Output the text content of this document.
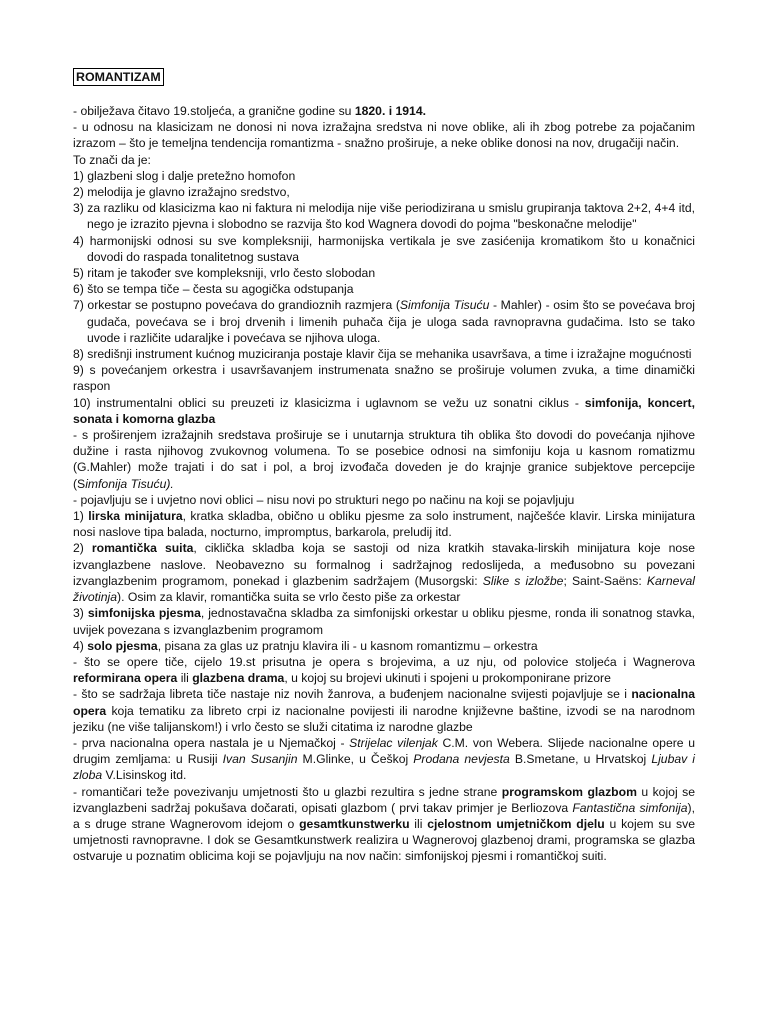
ROMANTIZAM
- obilježava čitavo 19.stoljeća, a granične godine su 1820. i 1914.
- u odnosu na klasicizam ne donosi ni nova izražajna sredstva ni nove oblike, ali ih zbog potrebe za pojačanim izrazom – što je temeljna tendencija romantizma - snažno proširuje, a neke oblike donosi na nov, drugačiji način.
To znači da je:
1) glazbeni slog i dalje pretežno homofon
2) melodija je glavno izražajno sredstvo,
3) za razliku od klasicizma kao ni faktura ni melodija nije više periodizirana u smislu grupiranja taktova 2+2, 4+4 itd, nego je izrazito pjevna i slobodno se razvija što kod Wagnera dovodi do pojma "beskonačne melodije"
4) harmonijski odnosi su sve kompleksniji, harmonijska vertikala je sve zasićenija kromatikom što u konačnici dovodi do raspada tonalitetnog sustava
5) ritam je također sve kompleksniji, vrlo često slobodan
6) što se tempa tiče – česta su agogička odstupanja
7) orkestar se postupno povećava do grandioznih razmjera (Simfonija Tisuću - Mahler) - osim što se povećava broj gudača, povećava se i broj drvenih i limenih puhača čija je uloga sada ravnopravna gudačima. Isto se tako uvode i različite udaraljke i povećava se njihova uloga.
8) središnji instrument kućnog muziciranja postaje klavir čija se mehanika usavršava, a time i izražajne mogućnosti
9) s povećanjem orkestra i usavršavanjem instrumenata snažno se proširuje volumen zvuka, a time dinamički raspon
10) instrumentalni oblici su preuzeti iz klasicizma i uglavnom se vežu uz sonatni ciklus - simfonija, koncert, sonata i komorna glazba
- s proširenjem izražajnih sredstava proširuje se i unutarnja struktura tih oblika što dovodi do povećanja njihove dužine i rasta njihovog zvukovnog volumena. To se posebice odnosi na simfoniju koja u kasnom romatizmu (G.Mahler) može trajati i do sat i pol, a broj izvođača doveden je do krajnje granice subjektove percepcije (Simfonija Tisuću).
- pojavljuju se i uvjetno novi oblici – nisu novi po strukturi nego po načinu na koji se pojavljuju
1) lirska minijatura, kratka skladba, obično u obliku pjesme za solo instrument, najčešće klavir. Lirska minijatura nosi naslove tipa balada, nocturno, impromptus, barkarola, preludij itd.
2) romantička suita, ciklička skladba koja se sastoji od niza kratkih stavaka-lirskih minijatura koje nose izvanglazbene naslove. Neobavezno su formalnog i sadržajnog redoslijeda, a međusobno su povezani izvanglazbenim programom, ponekad i glazbenim sadržajem (Musorgski: Slike s izložbe; Saint-Saëns: Karneval životinja). Osim za klavir, romantička suita se vrlo često piše za orkestar
3) simfonijska pjesma, jednostavačna skladba za simfonijski orkestar u obliku pjesme, ronda ili sonatnog stavka, uvijek povezana s izvanglazbenim programom
4) solo pjesma, pisana za glas uz pratnju klavira ili - u kasnom romantizmu – orkestra
- što se opere tiče, cijelo 19.st prisutna je opera s brojevima, a uz nju, od polovice stoljeća i Wagnerova reformirana opera ili glazbena drama, u kojoj su brojevi ukinuti i spojeni u prokomponirane prizore
- što se sadržaja libreta tiče nastaje niz novih žanrova, a buđenjem nacionalne svijesti pojavljuje se i nacionalna opera koja tematiku za libreto crpi iz nacionalne povijesti ili narodne književne baštine, izvodi se na narodnom jeziku (ne više talijanskom!) i vrlo često se služi citatima iz narodne glazbe
- prva nacionalna opera nastala je u Njemačkoj - Strijelac vilenjak C.M. von Webera. Slijede nacionalne opere u drugim zemljama: u Rusiji Ivan Susanjin M.Glinke, u Češkoj Prodana nevjesta B.Smetane, u Hrvatskoj Ljubav i zloba V.Lisinskog itd.
- romantičari teže povezivanju umjetnosti što u glazbi rezultira s jedne strane programskom glazbom u kojoj se izvanglazbeni sadržaj pokušava dočarati, opisati glazbom ( prvi takav primjer je Berliozova Fantastična simfonija), a s druge strane Wagnerovom idejom o gesamtkunstwerku ili cjelostnom umjetničkom djelu u kojem su sve umjetnosti ravnopravne. I dok se Gesamtkunstwerk realizira u Wagnerovoj glazbenoj drami, programska se glazba ostvaruje u poznatim oblicima koji se pojavljuju na nov način: simfonijskoj pjesmi i romantičkoj suiti.
